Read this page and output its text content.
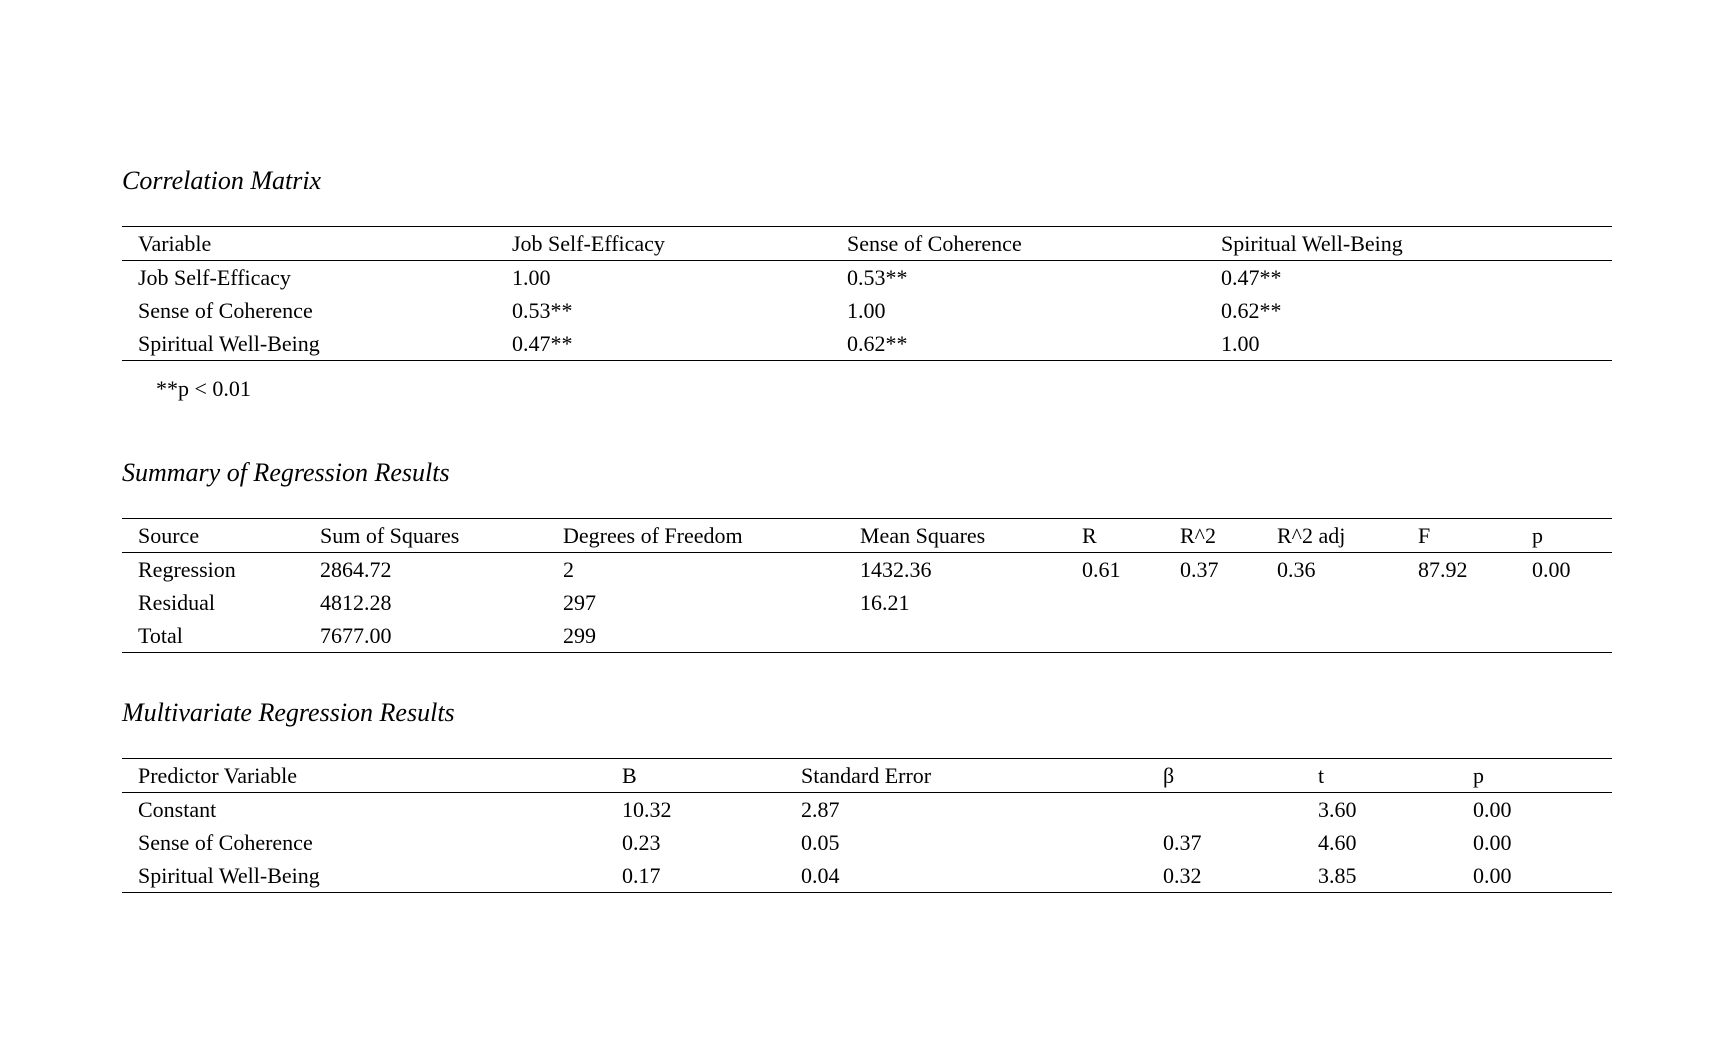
Correlation Matrix

Variable	Job Self-Efficacy	Sense of Coherence	Spiritual Well-Being
Job Self-Efficacy	1.00	0.53**	0.47**
Sense of Coherence	0.53**	1.00	0.62**
Spiritual Well-Being	0.47**	0.62**	1.00

**p < 0.01

Summary of Regression Results

Source	Sum of Squares	Degrees of Freedom	Mean Squares	R	R^2	R^2 adj	F	p
Regression	2864.72	2	1432.36	0.61	0.37	0.36	87.92	0.00
Residual	4812.28	297	16.21					
Total	7677.00	299						

Multivariate Regression Results

Predictor Variable	B	Standard Error	β	t	p
Constant	10.32	2.87		3.60	0.00
Sense of Coherence	0.23	0.05	0.37	4.60	0.00
Spiritual Well-Being	0.17	0.04	0.32	3.85	0.00
